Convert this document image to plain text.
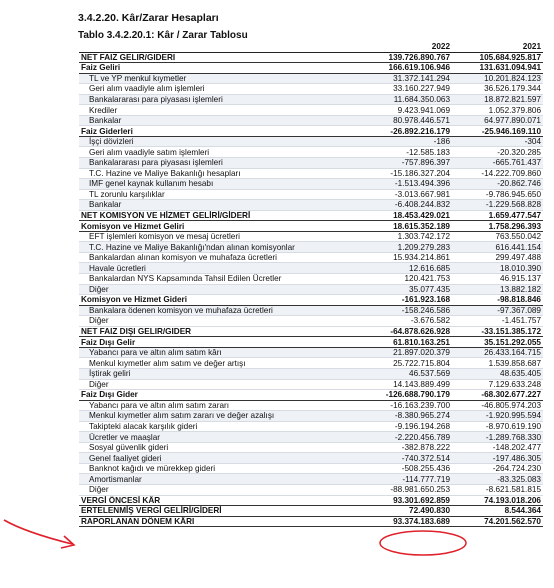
3.4.2.20. Kâr/Zarar Hesapları
Tablo 3.4.2.20.1: Kâr / Zarar Tablosu
	2022	2021
NET FAIZ GELIR/GIDERI	139.726.890.767	105.684.925.817
Faiz Geliri	166.619.106.946	131.631.094.941
TL ve YP menkul kıymetler	31.372.141.294	10.201.824.123
Geri alım vaadiyle alım işlemleri	33.160.227.949	36.526.179.344
Bankalararası para piyasası işlemleri	11.684.350.063	18.872.821.597
Krediler	9.423.941.069	1.052.379.806
Bankalar	80.978.446.571	64.977.890.071
Faiz Giderleri	-26.892.216.179	-25.946.169.110
İşçi dövizleri	-186	-304
Geri alım vaadiyle satım işlemleri	-12.585.183	-20.320.285
Bankalararası para piyasası işlemleri	-757.896.397	-665.761.437
T.C. Hazine ve Maliye Bakanlığı hesapları	-15.186.327.204	-14.222.709.860
IMF genel kaynak kullanım hesabı	-1.513.494.396	-20.862.746
TL zorunlu karşılıklar	-3.013.667.981	-9.786.945.650
Bankalar	-6.408.244.832	-1.229.568.828
NET KOMISYON VE HİZMET GELİRİ/GİDERİ	18.453.429.021	1.659.477.547
Komisyon ve Hizmet Geliri	18.615.352.189	1.758.296.393
EFT işlemleri komisyon ve mesaj ücretleri	1.303.742.172	763.550.042
T.C. Hazine ve Maliye Bakanlığı'ndan alınan komisyonlar	1.209.279.283	616.441.154
Bankalardan alınan komisyon ve muhafaza ücretleri	15.934.214.861	299.497.488
Havale ücretleri	12.616.685	18.010.390
Bankalardan NYS Kapsamında Tahsil Edilen Ücretler	120.421.753	46.915.137
Diğer	35.077.435	13.882.182
Komisyon ve Hizmet Gideri	-161.923.168	-98.818.846
Bankalara ödenen komisyon ve muhafaza ücretleri	-158.246.586	-97.367.089
Diğer	-3.676.582	-1.451.757
NET FAIZ DIŞI GELIR/GIDER	-64.878.626.928	-33.151.385.172
Faiz Dışı Gelir	61.810.163.251	35.151.292.055
Yabancı para ve altın alım satım kârı	21.897.020.379	26.433.164.715
Menkul kıymetler alım satım ve değer artışı	25.722.715.804	1.539.858.687
İştirak geliri	46.537.569	48.635.405
Diğer	14.143.889.499	7.129.633.248
Faiz Dışı Gider	-126.688.790.179	-68.302.677.227
Yabancı para ve altın alım satım zararı	-16.163.239.700	-46.805.974.203
Menkul kıymetler alım satım zararı ve değer azalışı	-8.380.965.274	-1.920.995.594
Takipteki alacak karşılık gideri	-9.196.194.268	-8.970.619.190
Ücretler ve maaşlar	-2.220.456.789	-1.289.768.330
Sosyal güvenlik gideri	-382.878.222	-148.202.477
Genel faaliyet gideri	-740.372.514	-197.486.305
Banknot kağıdı ve mürekkep gideri	-508.255.436	-264.724.230
Amortismanlar	-114.777.719	-83.325.083
Diğer	-88.981.650.253	-8.621.581.815
VERGİ ÖNCESİ KÂR	93.301.692.859	74.193.018.206
ERTELENMİŞ VERGİ GELİRİ/GİDERİ	72.490.830	8.544.364
RAPORLANAN DÖNEM KÂRI	93.374.183.689	74.201.562.570
